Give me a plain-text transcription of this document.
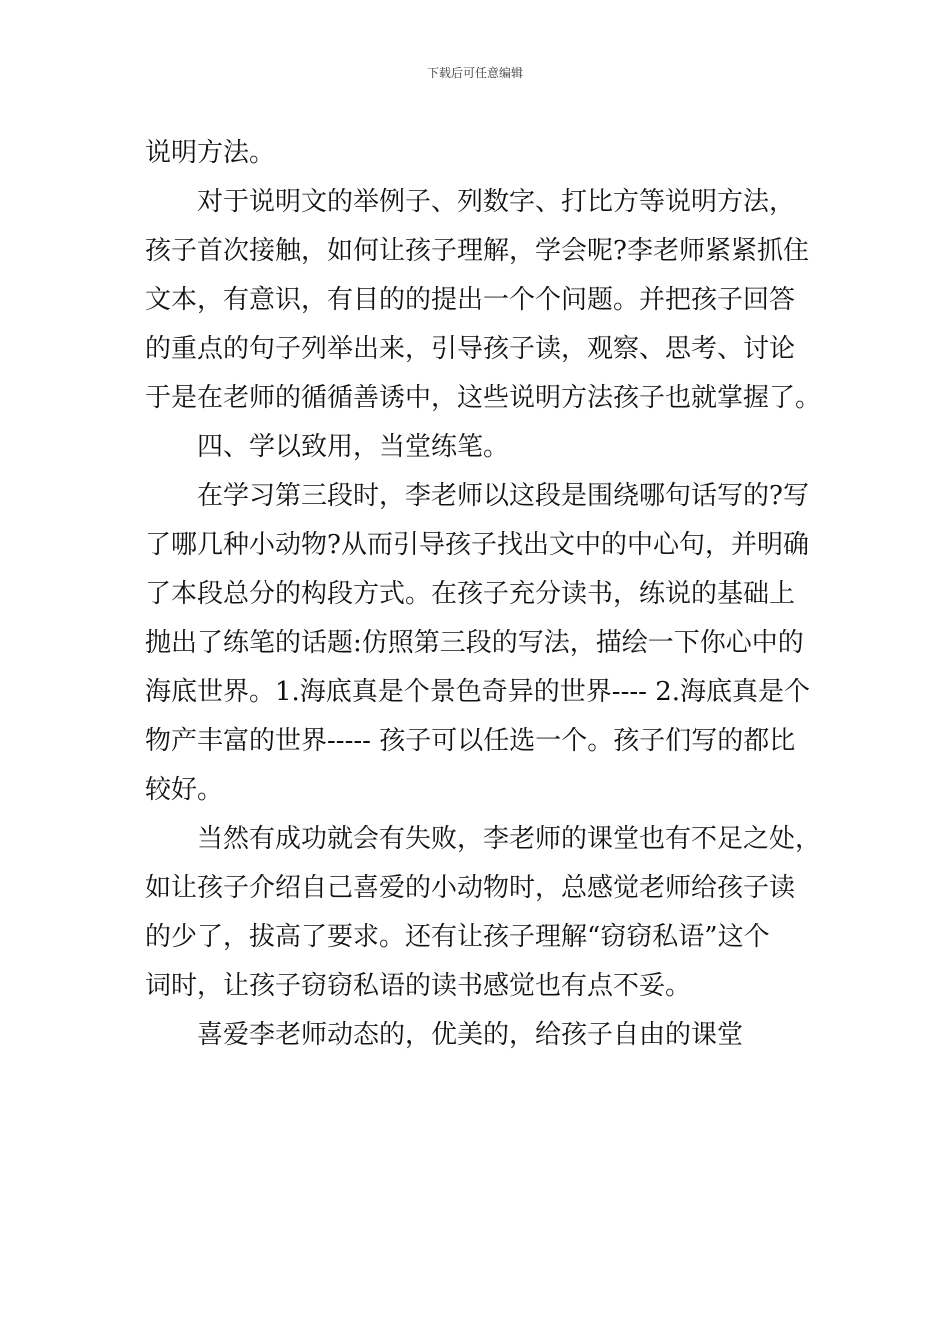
下载后可任意编辑
说明方法。
对于说明文的举例子、列数字、打比方等说明方法，
孩子首次接触，如何让孩子理解，学会呢?李老师紧紧抓住
文本，有意识，有目的的提出一个个问题。并把孩子回答
的重点的句子列举出来，引导孩子读，观察、思考、讨论
于是在老师的循循善诱中，这些说明方法孩子也就掌握了。
四、学以致用，当堂练笔。
在学习第三段时，李老师以这段是围绕哪句话写的?写
了哪几种小动物?从而引导孩子找出文中的中心句，并明确
了本段总分的构段方式。在孩子充分读书，练说的基础上
抛出了练笔的话题:仿照第三段的写法，描绘一下你心中的
海底世界。1.海底真是个景色奇异的世界---- 2.海底真是个
物产丰富的世界----- 孩子可以任选一个。孩子们写的都比
较好。
当然有成功就会有失败，李老师的课堂也有不足之处，
如让孩子介绍自己喜爱的小动物时，总感觉老师给孩子读
的少了，拔高了要求。还有让孩子理解“窃窃私语”这个
词时，让孩子窃窃私语的读书感觉也有点不妥。
喜爱李老师动态的，优美的，给孩子自由的课堂
